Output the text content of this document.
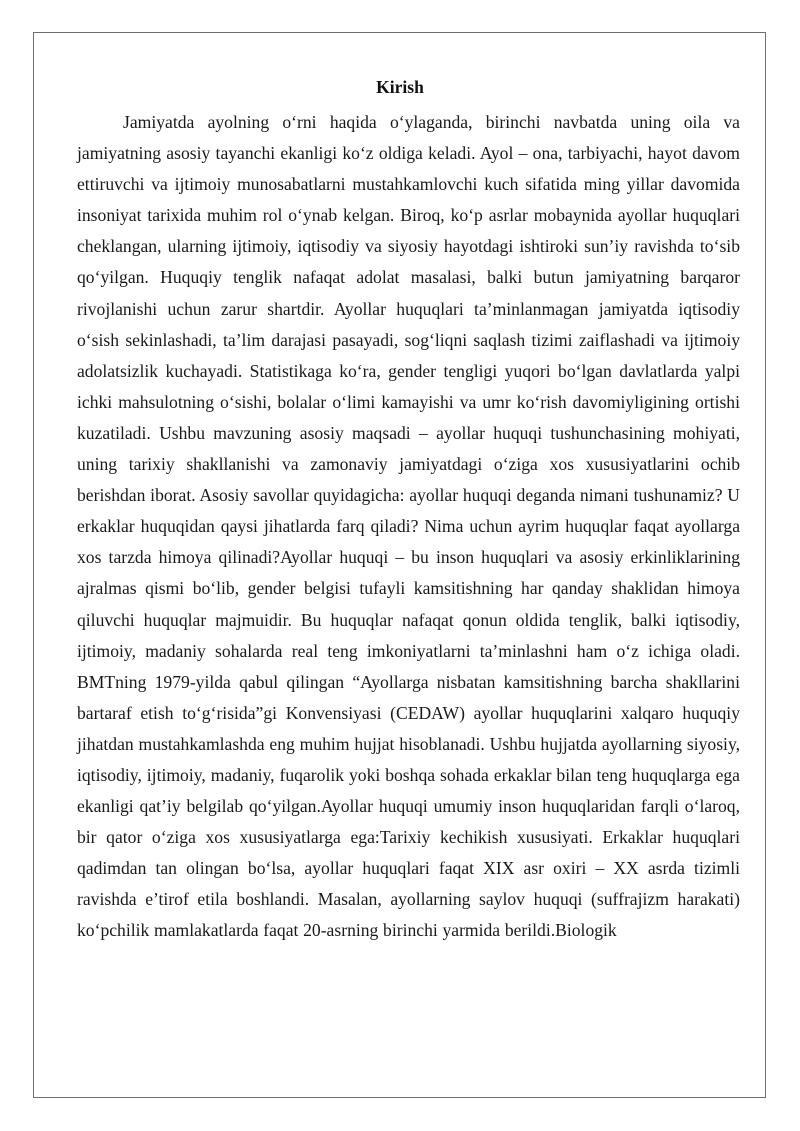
Kirish

Jamiyatda ayolning oʻrni haqida oʻylaganda, birinchi navbatda uning oila va jamiyatning asosiy tayanchi ekanligi koʻz oldiga keladi. Ayol – ona, tarbiyachi, hayot davom ettiruvchi va ijtimoiy munosabatlarni mustahkamlovchi kuch sifatida ming yillar davomida insoniyat tarixida muhim rol oʻynab kelgan. Biroq, koʻp asrlar mobaynida ayollar huquqlari cheklangan, ularning ijtimoiy, iqtisodiy va siyosiy hayotdagi ishtiroki sun’iy ravishda toʻsib qoʻyilgan. Huquqiy tenglik nafaqat adolat masalasi, balki butun jamiyatning barqaror rivojlanishi uchun zarur shartdir. Ayollar huquqlari ta’minlanmagan jamiyatda iqtisodiy oʻsish sekinlashadi, ta’lim darajasi pasayadi, sogʻliqni saqlash tizimi zaiflashadi va ijtimoiy adolatsizlik kuchayadi. Statistikaga koʻra, gender tengligi yuqori boʻlgan davlatlarda yalpi ichki mahsulotning oʻsishi, bolalar oʻlimi kamayishi va umr koʻrish davomiyligining ortishi kuzatiladi. Ushbu mavzuning asosiy maqsadi – ayollar huquqi tushunchasining mohiyati, uning tarixiy shakllanishi va zamonaviy jamiyatdagi oʻziga xos xususiyatlarini ochib berishdan iborat. Asosiy savollar quyidagicha: ayollar huquqi deganda nimani tushunamiz? U erkaklar huquqidan qaysi jihatlarda farq qiladi? Nima uchun ayrim huquqlar faqat ayollarga xos tarzda himoya qilinadi?Ayollar huquqi – bu inson huquqlari va asosiy erkinliklarining ajralmas qismi boʻlib, gender belgisi tufayli kamsitishning har qanday shaklidan himoya qiluvchi huquqlar majmuidir. Bu huquqlar nafaqat qonun oldida tenglik, balki iqtisodiy, ijtimoiy, madaniy sohalarda real teng imkoniyatlarni ta’minlashni ham oʻz ichiga oladi. BMTning 1979-yilda qabul qilingan “Ayollarga nisbatan kamsitishning barcha shakllarini bartaraf etish toʻgʻrisida”gi Konvensiyasi (CEDAW) ayollar huquqlarini xalqaro huquqiy jihatdan mustahkamlashda eng muhim hujjat hisoblanadi. Ushbu hujjatda ayollarning siyosiy, iqtisodiy, ijtimoiy, madaniy, fuqarolik yoki boshqa sohada erkaklar bilan teng huquqlarga ega ekanligi qat’iy belgilab qoʻyilgan.Ayollar huquqi umumiy inson huquqlaridan farqli oʻlaroq, bir qator oʻziga xos xususiyatlarga ega:Tarixiy kechikish xususiyati. Erkaklar huquqlari qadimdan tan olingan boʻlsa, ayollar huquqlari faqat XIX asr oxiri – XX asrda tizimli ravishda e’tirof etila boshlandi. Masalan, ayollarning saylov huquqi (suffrajizm harakati) koʻpchilik mamlakatlarda faqat 20-asrning birinchi yarmida berildi.Biologik
